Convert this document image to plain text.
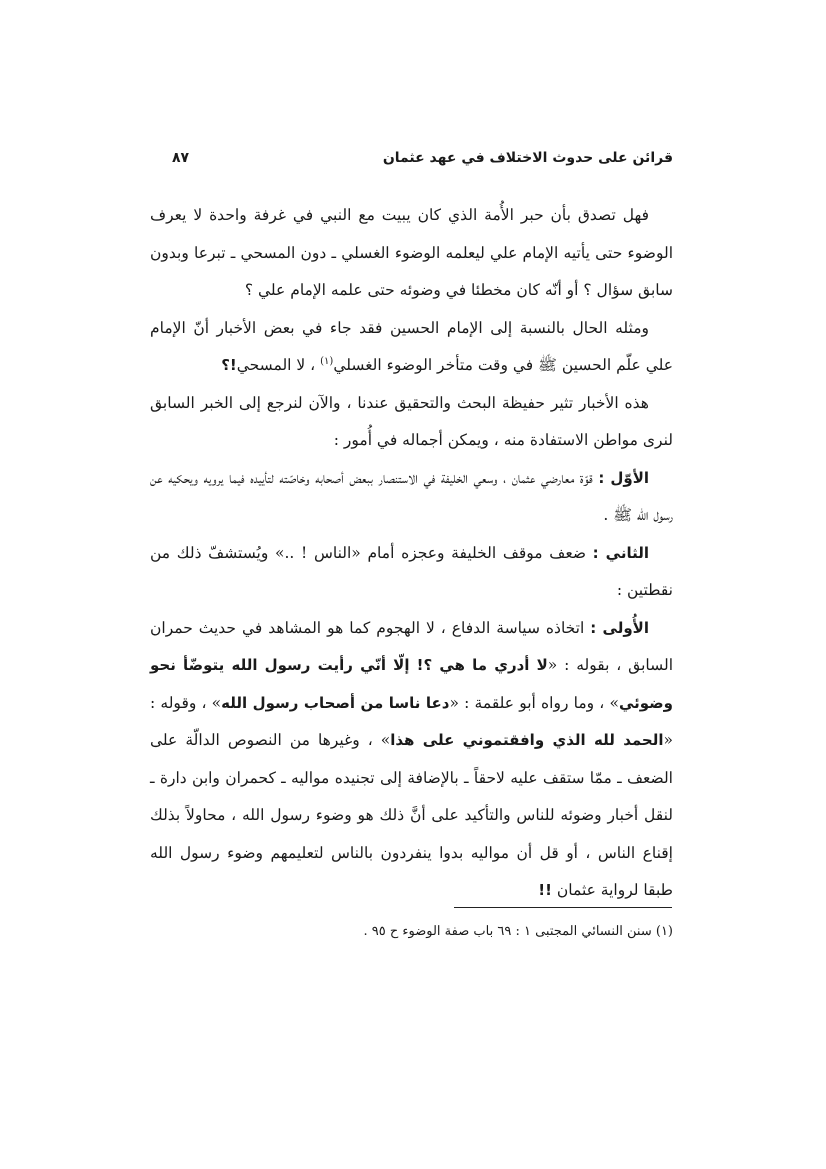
قرائن على حدوث الاختلاف في عهد عثمان
٨٧

فهل تصدق بأن حبر الأُمة الذي كان يبيت مع النبي في غرفة واحدة لا يعرف الوضوء حتى يأتيه الإمام علي ليعلمه الوضوء الغسلي ـ دون المسحي ـ تبرعا وبدون سابق سؤال ؟ أو أنّه كان مخطئا في وضوئه حتى علمه الإمام علي ؟

ومثله الحال بالنسبة إلى الإمام الحسين فقد جاء في بعض الأخبار أنّ الإمام علي علّم الحسين ﷺ في وقت متأخر الوضوء الغسلي$^{(١)}$ ، لا المسحي!؟

هذه الأخبار تثير حفيظة البحث والتحقيق عندنا ، والآن لنرجع إلى الخبر السابق لنرى مواطن الاستفادة منه ، ويمكن أجماله في أُمور :

الأوّل : قوّة معارضي عثمان ، وسعي الخليفة في الاستنصار ببعض أصحابه وخاصّته لتأييده فيما يرويه ويحكيه عن رسول الله ﷺ .

الثاني : ضعف موقف الخليفة وعجزه أمام «الناس ! ..» ويُستشفّ ذلك من نقطتين :

الأُولى : اتخاذه سياسة الدفاع ، لا الهجوم كما هو المشاهد في حديث حمران السابق ، بقوله : «لا أدري ما هي ؟! إلّا أنّي رأيت رسول الله يتوضّأ نحو وضوئي» ، وما رواه أبو علقمة : «دعا ناسا من أصحاب رسول الله» ، وقوله : «الحمد لله الذي وافقتموني على هذا» ، وغيرها من النصوص الدالّة على الضعف ـ ممّا ستقف عليه لاحقاً ـ بالإضافة إلى تجنيده مواليه ـ كحمران وابن دارة ـ لنقل أخبار وضوئه للناس والتأكيد على أنَّ ذلك هو وضوء رسول الله ، محاولاً بذلك إقناع الناس ، أو قل أن مواليه بدوا ينفردون بالناس لتعليمهم وضوء رسول الله طبقا لرواية عثمان !!

(١) سنن النسائي المجتبى ١ : ٦٩ باب صفة الوضوء ح ٩٥ .
